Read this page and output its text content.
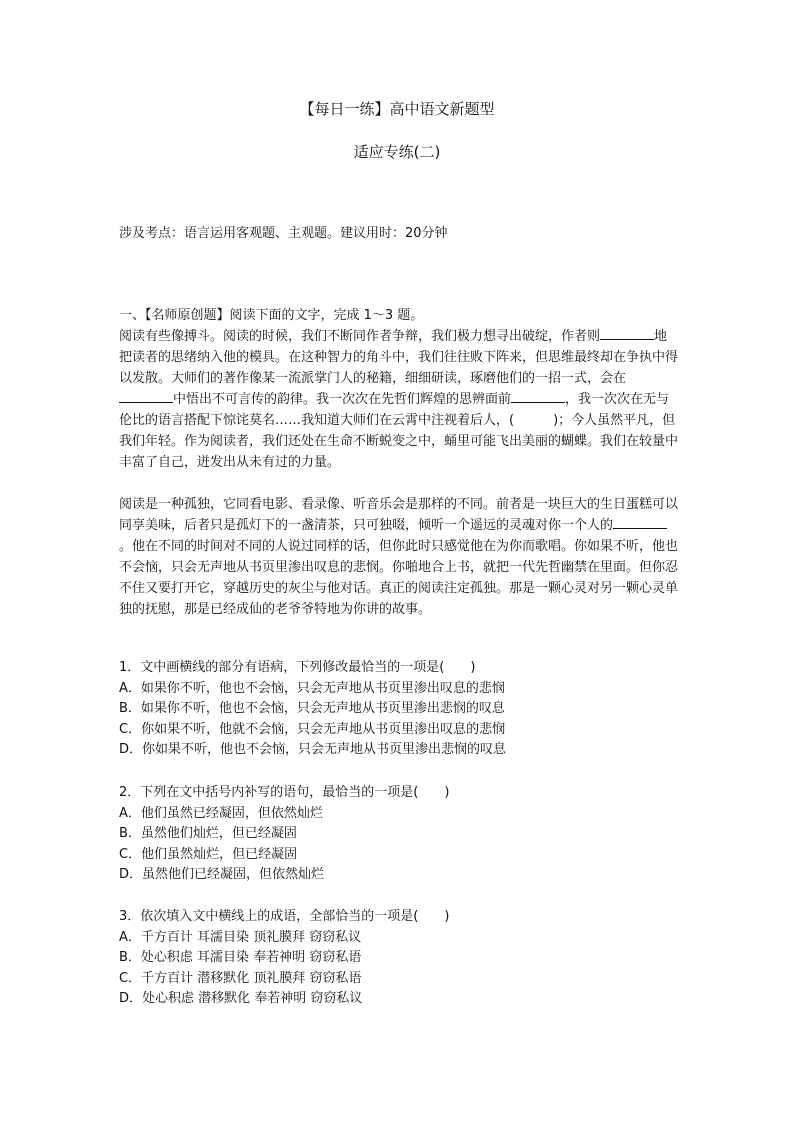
【每日一练】高中语文新题型
适应专练(二)
涉及考点：语言运用客观题、主观题。建议用时：20分钟

一、【名师原创题】阅读下面的文字，完成 1～3 题。

阅读有些像搏斗。阅读的时候，我们不断同作者争辩，我们极力想寻出破绽，作者则	地把读者的思绪纳入他的模具。在这种智力的角斗中，我们往往败下阵来，但思维最终却在争执中得以发散。大师们的著作像某一流派掌门人的秘籍，细细研读，琢磨他们的一招一式，会在中悟出不可言传的韵律。我一次次在先哲们辉煌的思辨面前	，我一次次在无与伦比的语言搭配下惊诧莫名……我知道大师们在云霄中注视着后人，(　　　)；今人虽然平凡，但我们年轻。作为阅读者，我们还处在生命不断蜕变之中，蛹里可能飞出美丽的蝴蝶。我们在较量中丰富了自己，迸发出从未有过的力量。

阅读是一种孤独，它同看电影、看录像、听音乐会是那样的不同。前者是一块巨大的生日蛋糕可以同享美味，后者只是孤灯下的一盏清茶，只可独啜，倾听一个遥远的灵魂对你一个人的。他在不同的时间对不同的人说过同样的话，但你此时只感觉他在为你而歌唱。你如果不听，他也不会恼，只会无声地从书页里渗出叹息的悲悯。你啪地合上书，就把一代先哲幽禁在里面。但你忍不住又要打开它，穿越历史的灰尘与他对话。真正的阅读注定孤独。那是一颗心灵对另一颗心灵单独的抚慰，那是已经成仙的老爷爷特地为你讲的故事。

1．文中画横线的部分有语病，下列修改最恰当的一项是(　　)
A．如果你不听，他也不会恼，只会无声地从书页里渗出叹息的悲悯
B．如果你不听，他也不会恼，只会无声地从书页里渗出悲悯的叹息
C．你如果不听，他就不会恼，只会无声地从书页里渗出叹息的悲悯
D．你如果不听，他也不会恼，只会无声地从书页里渗出悲悯的叹息
2．下列在文中括号内补写的语句，最恰当的一项是(　　)
A．他们虽然已经凝固，但依然灿烂
B．虽然他们灿烂，但已经凝固
C．他们虽然灿烂，但已经凝固
D．虽然他们已经凝固，但依然灿烂
3．依次填入文中横线上的成语，全部恰当的一项是(　　)
A．千方百计 耳濡目染 顶礼膜拜 窃窃私议
B．处心积虑 耳濡目染 奉若神明 窃窃私语
C．千方百计 潜移默化 顶礼膜拜 窃窃私语
D．处心积虑 潜移默化 奉若神明 窃窃私议
